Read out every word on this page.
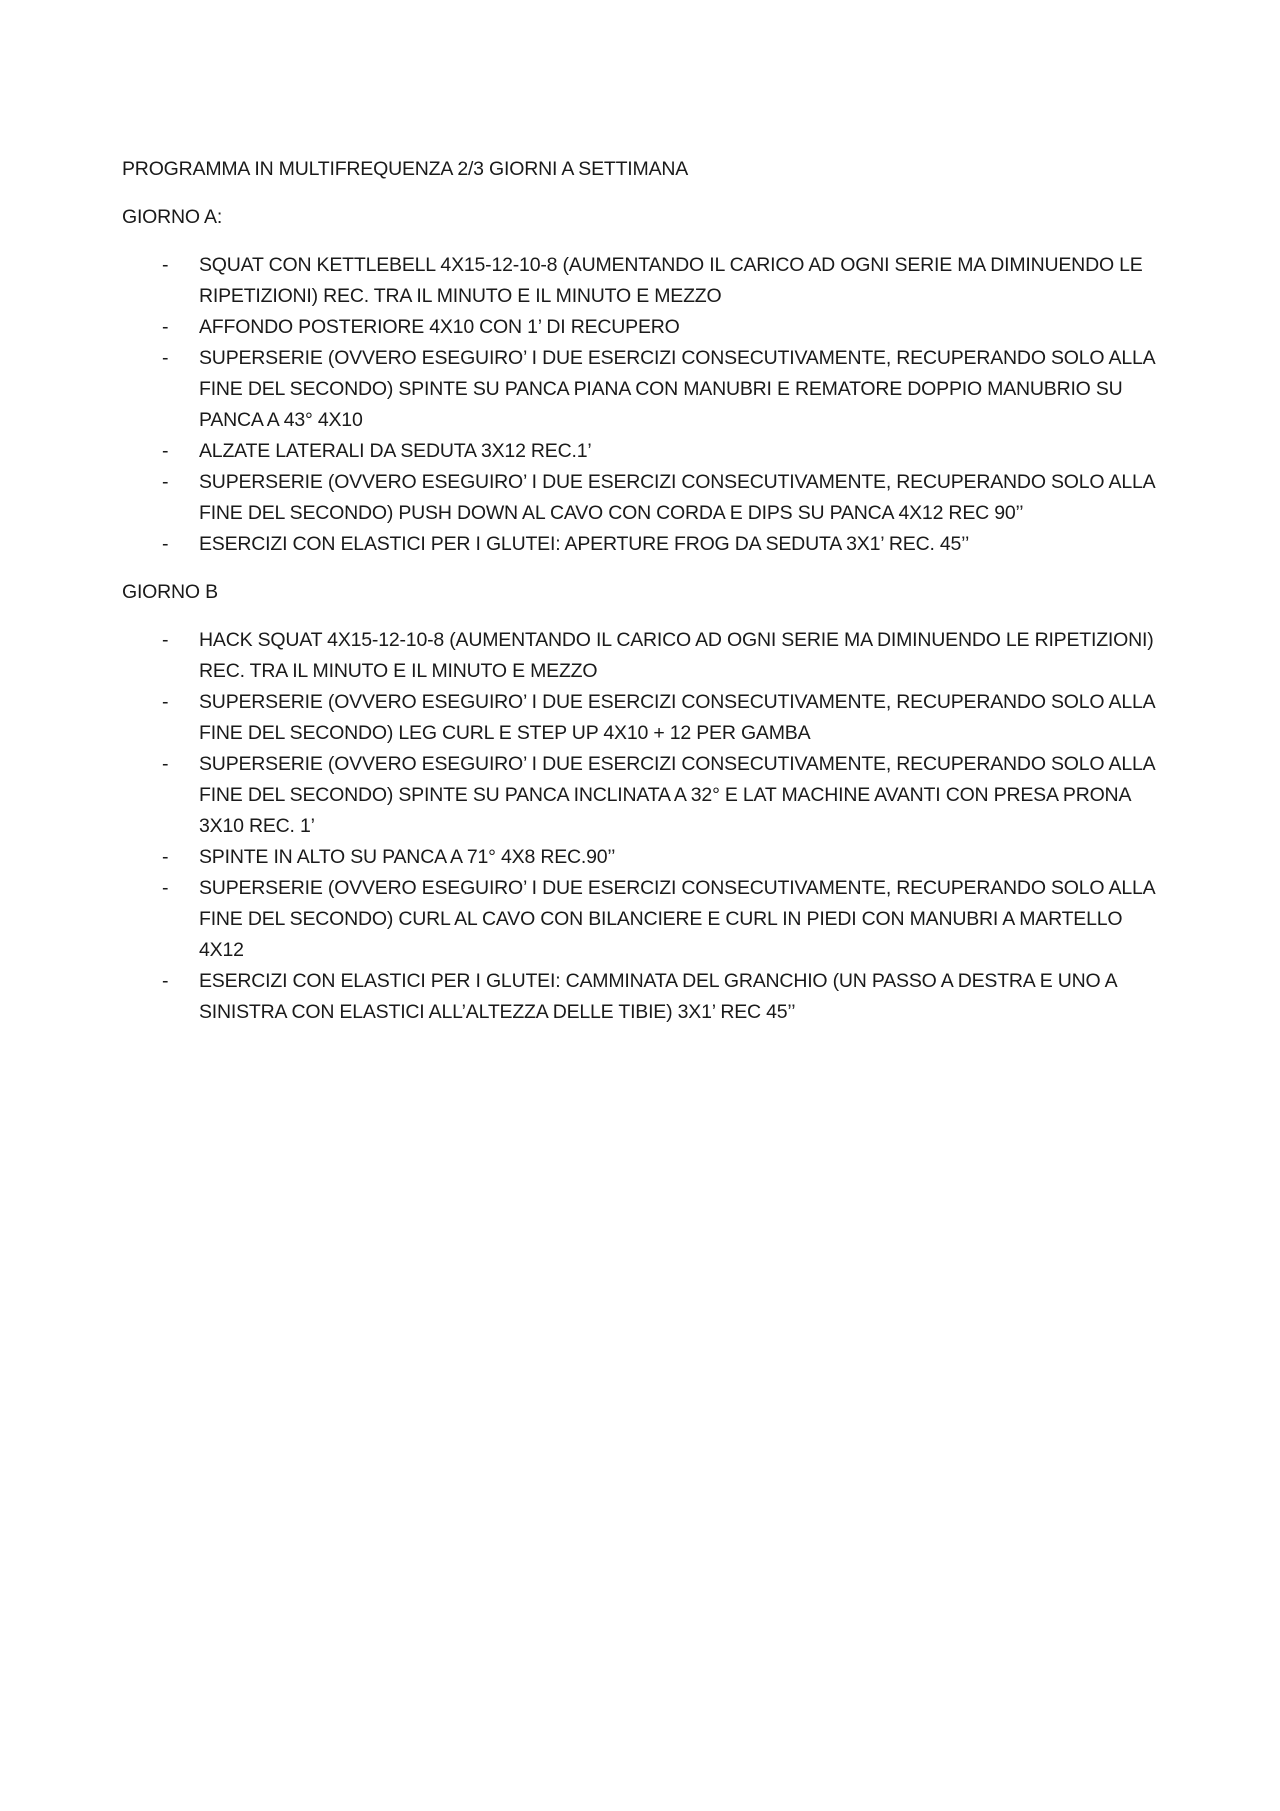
PROGRAMMA IN MULTIFREQUENZA 2/3 GIORNI A SETTIMANA

GIORNO A:

- SQUAT CON KETTLEBELL 4X15-12-10-8 (AUMENTANDO IL CARICO AD OGNI SERIE MA DIMINUENDO LE RIPETIZIONI) REC. TRA IL MINUTO E IL MINUTO E MEZZO
- AFFONDO POSTERIORE 4X10 CON 1’ DI RECUPERO
- SUPERSERIE (OVVERO ESEGUIRO’ I DUE ESERCIZI CONSECUTIVAMENTE, RECUPERANDO SOLO ALLA FINE DEL SECONDO) SPINTE SU PANCA PIANA CON MANUBRI E REMATORE DOPPIO MANUBRIO SU PANCA A 43° 4X10
- ALZATE LATERALI DA SEDUTA 3X12 REC.1’
- SUPERSERIE (OVVERO ESEGUIRO’ I DUE ESERCIZI CONSECUTIVAMENTE, RECUPERANDO SOLO ALLA FINE DEL SECONDO) PUSH DOWN AL CAVO CON CORDA E DIPS SU PANCA 4X12 REC 90’’
- ESERCIZI CON ELASTICI PER I GLUTEI: APERTURE FROG DA SEDUTA 3X1’ REC. 45’’

GIORNO B

- HACK SQUAT 4X15-12-10-8 (AUMENTANDO IL CARICO AD OGNI SERIE MA DIMINUENDO LE RIPETIZIONI) REC. TRA IL MINUTO E IL MINUTO E MEZZO
- SUPERSERIE (OVVERO ESEGUIRO’ I DUE ESERCIZI CONSECUTIVAMENTE, RECUPERANDO SOLO ALLA FINE DEL SECONDO) LEG CURL E STEP UP 4X10 + 12 PER GAMBA
- SUPERSERIE (OVVERO ESEGUIRO’ I DUE ESERCIZI CONSECUTIVAMENTE, RECUPERANDO SOLO ALLA FINE DEL SECONDO) SPINTE SU PANCA INCLINATA A 32° E LAT MACHINE AVANTI CON PRESA PRONA 3X10 REC. 1’
- SPINTE IN ALTO SU PANCA A 71° 4X8 REC.90’’
- SUPERSERIE (OVVERO ESEGUIRO’ I DUE ESERCIZI CONSECUTIVAMENTE, RECUPERANDO SOLO ALLA FINE DEL SECONDO) CURL AL CAVO CON BILANCIERE E CURL IN PIEDI CON MANUBRI A MARTELLO 4X12
- ESERCIZI CON ELASTICI PER I GLUTEI: CAMMINATA DEL GRANCHIO (UN PASSO A DESTRA E UNO A SINISTRA CON ELASTICI ALL’ALTEZZA DELLE TIBIE) 3X1’ REC 45’’
